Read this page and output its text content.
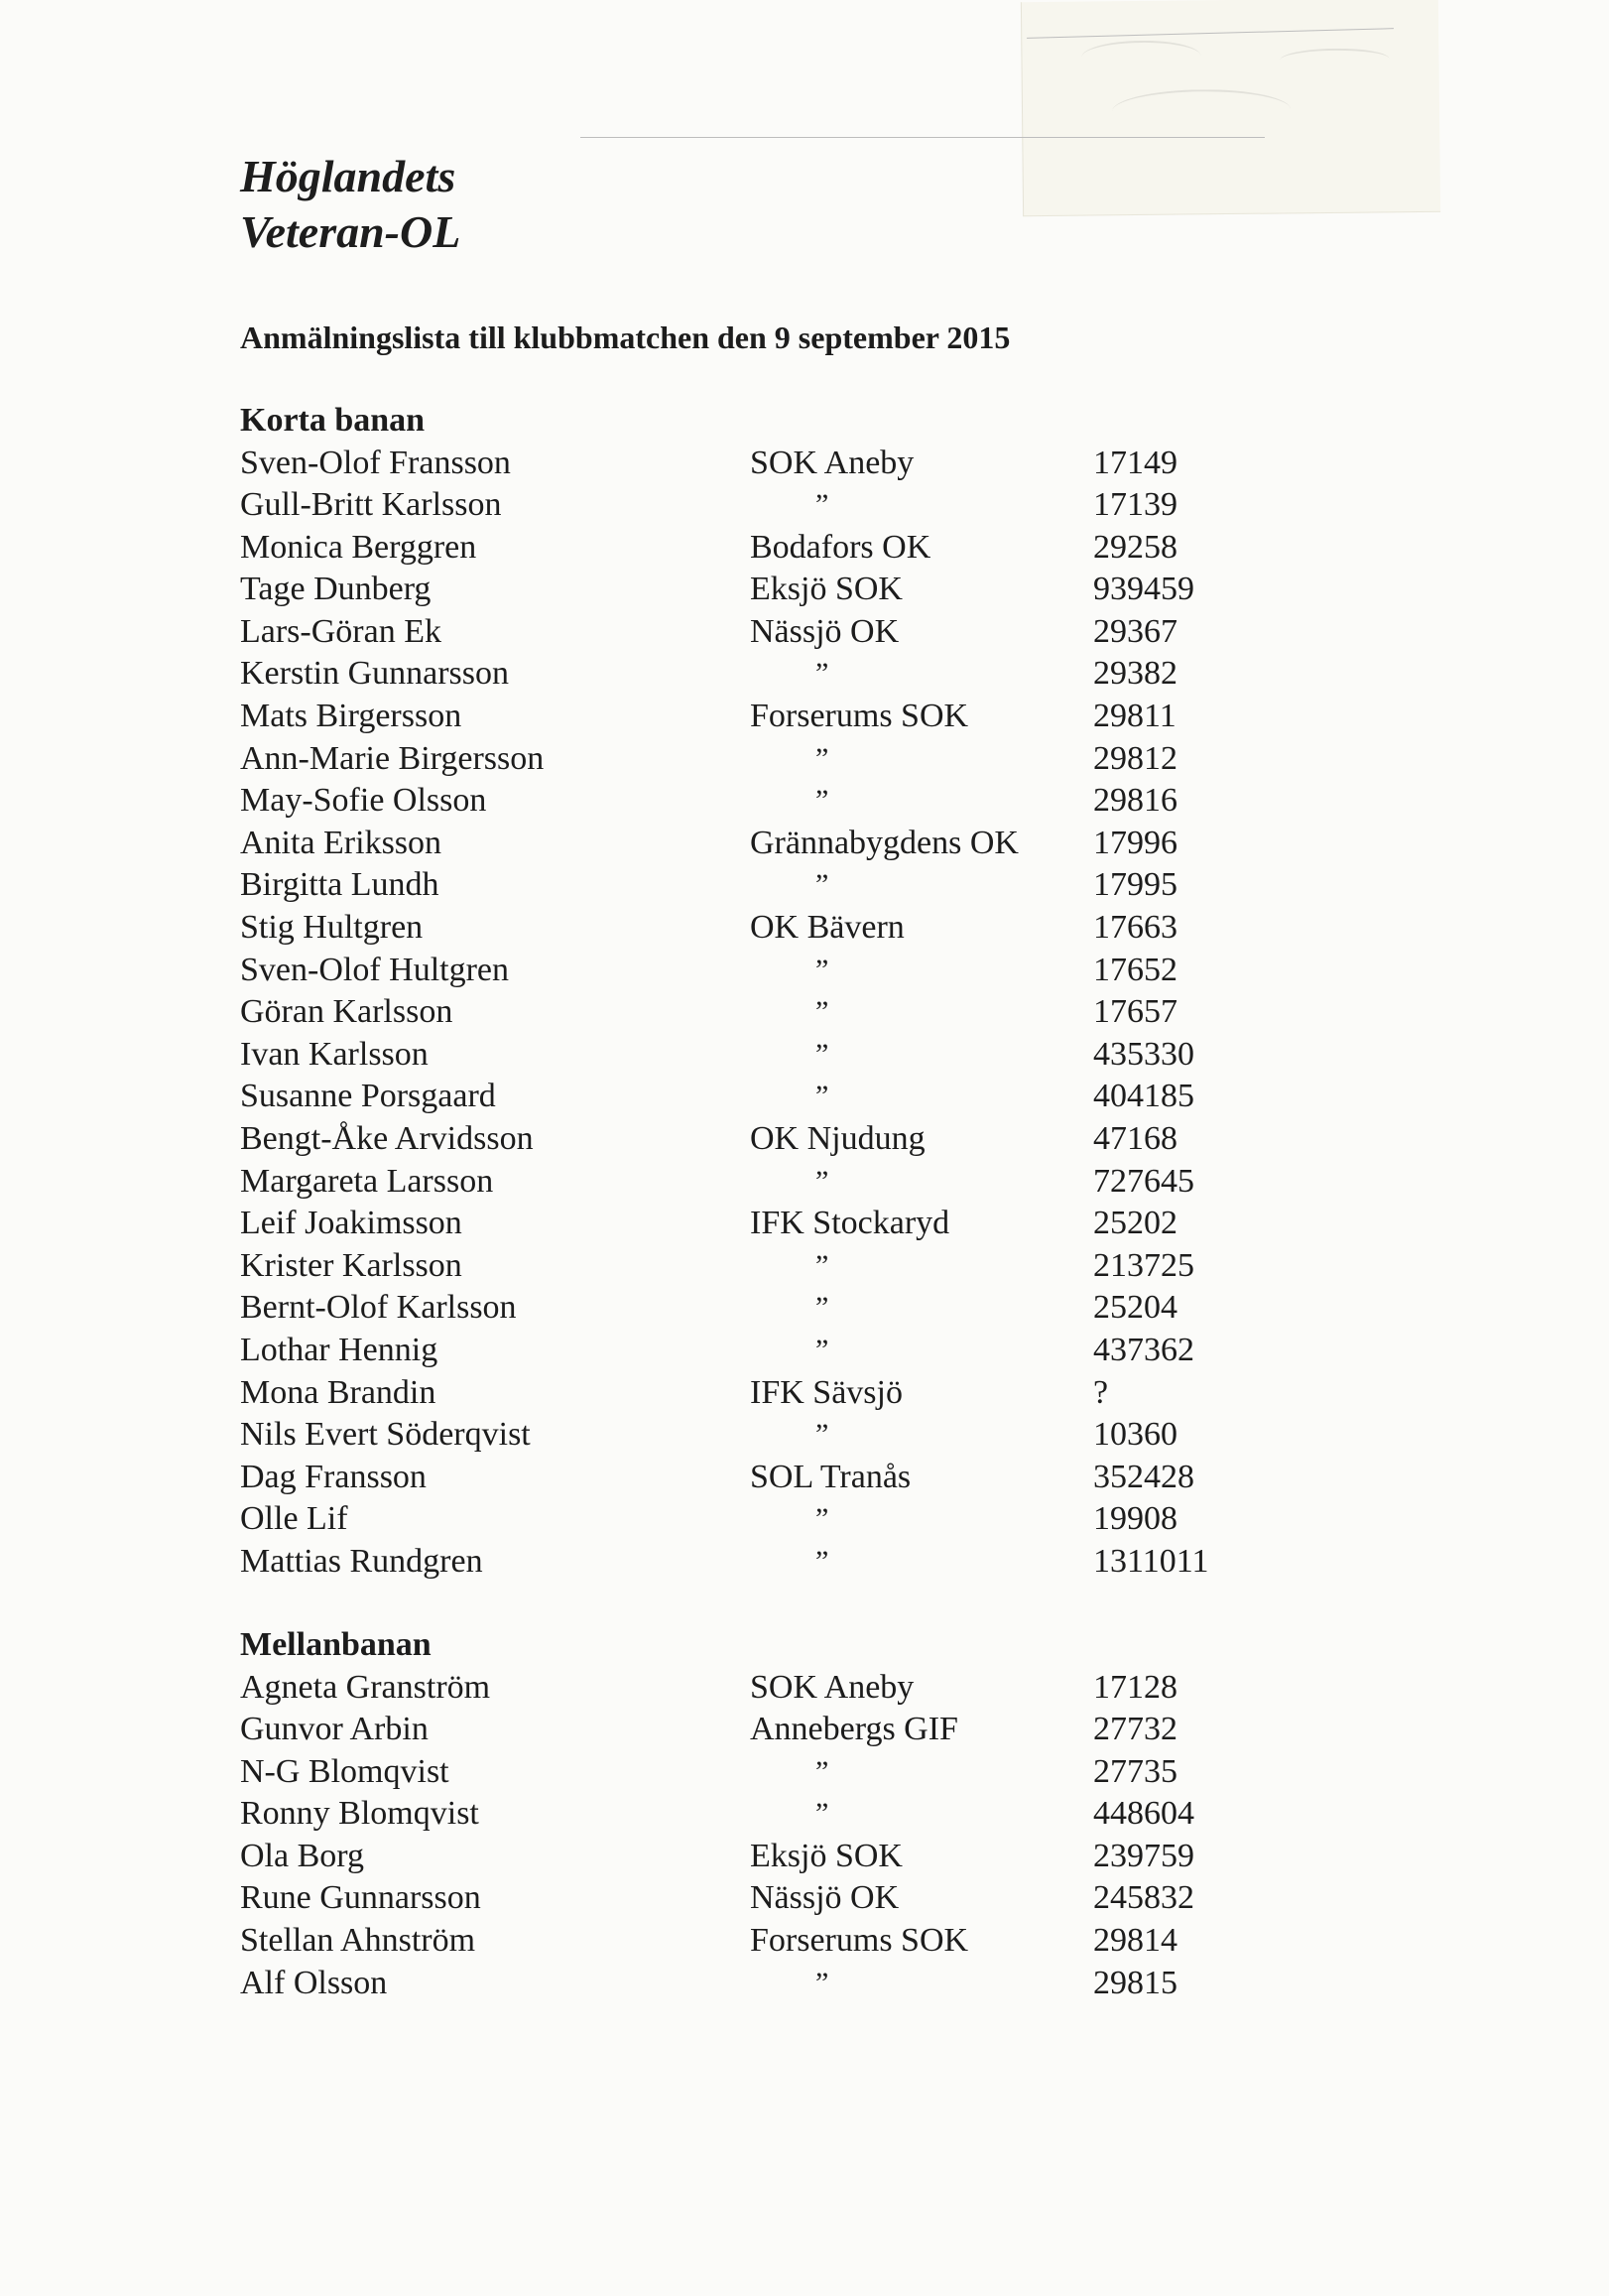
Höglandets

Veteran-OL

Anmälningslista till klubbmatchen den 9 september 2015

Korta banan

Sven-Olof Fransson	SOK Aneby	17149
Gull-Britt Karlsson	”	17139
Monica Berggren	Bodafors OK	29258
Tage Dunberg	Eksjö SOK	939459
Lars-Göran Ek	Nässjö OK	29367
Kerstin Gunnarsson	”	29382
Mats Birgersson	Forserums SOK	29811
Ann-Marie Birgersson	”	29812
May-Sofie Olsson	”	29816
Anita Eriksson	Grännabygdens OK 17996
Birgitta Lundh	”	17995
Stig Hultgren	OK Bävern	17663
Sven-Olof Hultgren	”	17652
Göran Karlsson	”	17657
Ivan Karlsson	”	435330
Susanne Porsgaard	”	404185
Bengt-Åke Arvidsson	OK Njudung	47168
Margareta Larsson	”	727645
Leif Joakimsson	IFK Stockaryd	25202
Krister Karlsson	”	213725
Bernt-Olof Karlsson	”	25204
Lothar Hennig	”	437362
Mona Brandin	IFK Sävsjö	?
Nils Evert Söderqvist	”	10360
Dag Fransson	SOL Tranås	352428
Olle Lif	”	19908
Mattias Rundgren	”	1311011

Mellanbanan

Agneta Granström	SOK Aneby	17128
Gunvor Arbin	Annebergs GIF	27732
N-G Blomqvist	”	27735
Ronny Blomqvist	”	448604
Ola Borg	Eksjö SOK	239759
Rune Gunnarsson	Nässjö OK	245832
Stellan Ahnström	Forserums SOK	29814
Alf Olsson	”	29815
